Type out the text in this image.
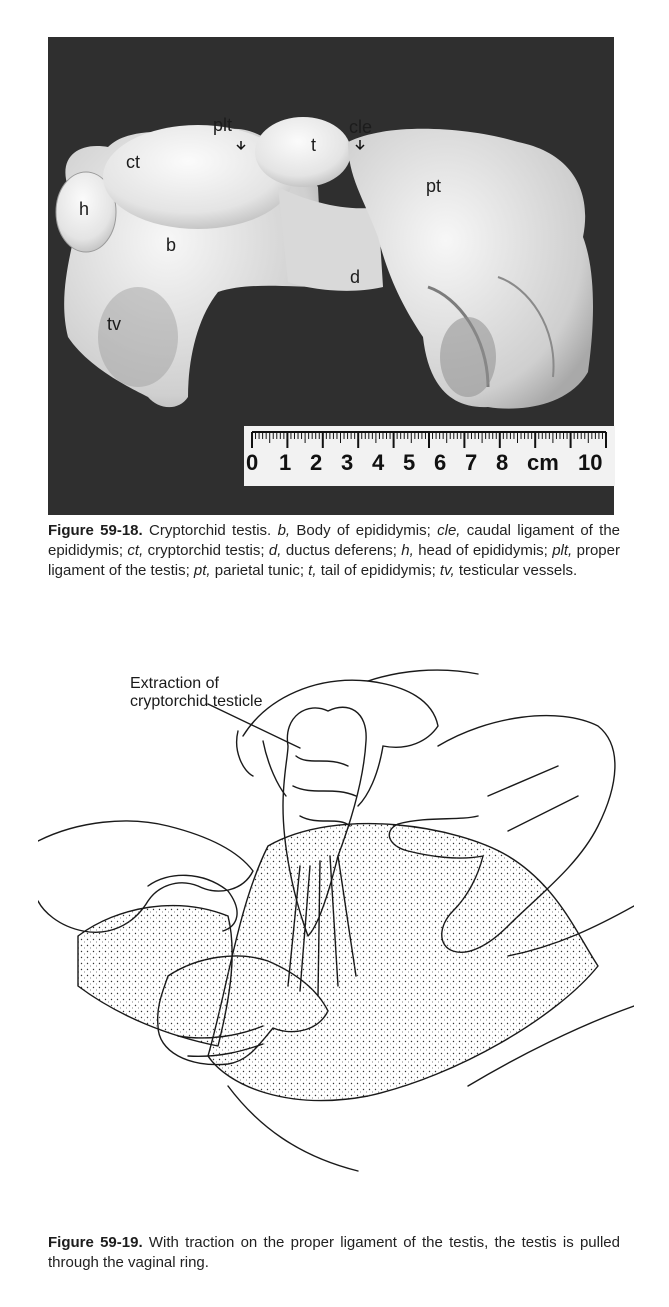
ct
plt
t
cle
h
b
pt
d
tv
0 1 2 3 4 5 6 7 8 cm 10
Figure 59-18. Cryptorchid testis. b, Body of epididymis; cle, caudal ligament of the epididymis; ct, cryptorchid testis; d, ductus deferens; h, head of epididymis; plt, proper ligament of the testis; pt, parietal tunic; t, tail of epididymis; tv, testicular vessels.
Extraction of
cryptorchid testicle
Figure 59-19. With traction on the proper ligament of the testis, the testis is pulled through the vaginal ring.
